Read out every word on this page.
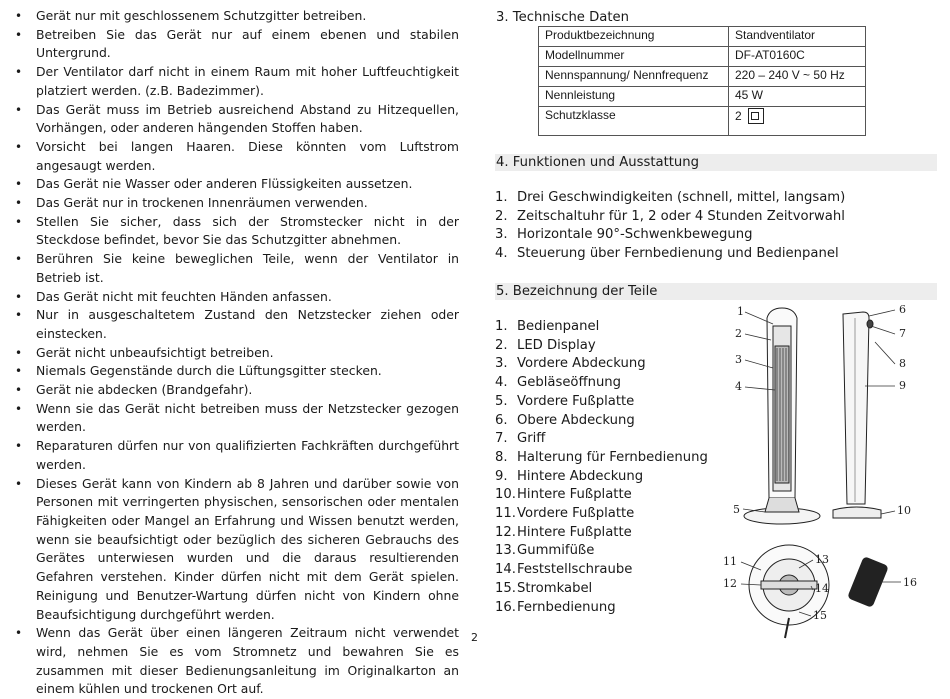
• Gerät nur mit geschlossenem Schutzgitter betreiben.
• Betreiben Sie das Gerät nur auf einem ebenen und stabilen Untergrund.
• Der Ventilator darf nicht in einem Raum mit hoher Luftfeuchtigkeit platziert werden. (z.B. Badezimmer).
• Das Gerät muss im Betrieb ausreichend Abstand zu Hitzequellen, Vorhängen, oder anderen hängenden Stoffen haben.
• Vorsicht bei langen Haaren. Diese könnten vom Luftstrom angesaugt werden.
• Das Gerät nie Wasser oder anderen Flüssigkeiten aussetzen.
• Das Gerät nur in trockenen Innenräumen verwenden.
• Stellen Sie sicher, dass sich der Stromstecker nicht in der Steckdose befindet, bevor Sie das Schutzgitter abnehmen.
• Berühren Sie keine beweglichen Teile, wenn der Ventilator in Betrieb ist.
• Das Gerät nicht mit feuchten Händen anfassen.
• Nur in ausgeschaltetem Zustand den Netzstecker ziehen oder einstecken.
• Gerät nicht unbeaufsichtigt betreiben.
• Niemals Gegenstände durch die Lüftungsgitter stecken.
• Gerät nie abdecken (Brandgefahr).
• Wenn sie das Gerät nicht betreiben muss der Netzstecker gezogen werden.
• Reparaturen dürfen nur von qualifizierten Fachkräften durchgeführt werden.
• Dieses Gerät kann von Kindern ab 8 Jahren und darüber sowie von Personen mit verringerten physischen, sensorischen oder mentalen Fähigkeiten oder Mangel an Erfahrung und Wissen benutzt werden, wenn sie beaufsichtigt oder bezüglich des sicheren Gebrauchs des Gerätes unterwiesen wurden und die daraus resultierenden Gefahren verstehen. Kinder dürfen nicht mit dem Gerät spielen. Reinigung und Benutzer-Wartung dürfen nicht von Kindern ohne Beaufsichtigung durchgeführt werden.
• Wenn das Gerät über einen längeren Zeitraum nicht verwendet wird, nehmen Sie es vom Stromnetz und bewahren Sie es zusammen mit dieser Bedienungsanleitung im Originalkarton an einem kühlen und trockenen Ort auf.
3. Technische Daten
Produktbezeichnung	Standventilator
Modellnummer	DF-AT0160C
Nennspannung/ Nennfrequenz	220 – 240 V ~ 50 Hz
Nennleistung	45 W
Schutzklasse	2
4. Funktionen und Ausstattung
1. Drei Geschwindigkeiten (schnell, mittel, langsam)
2. Zeitschaltuhr für 1, 2 oder 4 Stunden Zeitvorwahl
3. Horizontale 90°-Schwenkbewegung
4. Steuerung über Fernbedienung und Bedienpanel
5. Bezeichnung der Teile
1. Bedienpanel
2. LED Display
3. Vordere Abdeckung
4. Gebläseöffnung
5. Vordere Fußplatte
6. Obere Abdeckung
7. Griff
8. Halterung für Fernbedienung
9. Hintere Abdeckung
10.Hintere Fußplatte
11.Vordere Fußplatte
12.Hintere Fußplatte
13.Gummifüße
14.Feststellschraube
15.Stromkabel
16.Fernbedienung
1
2
3
4
5
6
7
8
9
10
11
12
13
14
15
16
2
